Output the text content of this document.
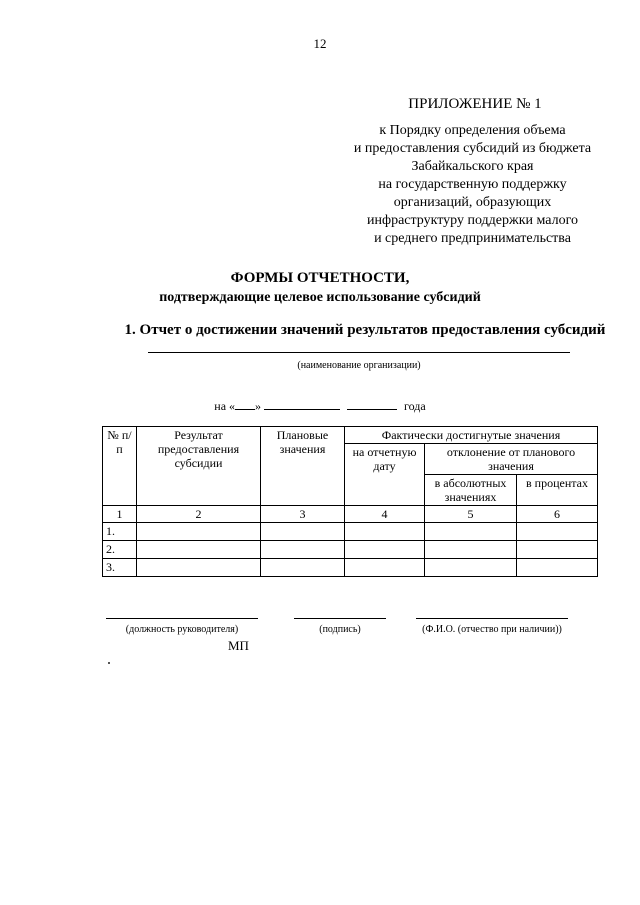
12
ПРИЛОЖЕНИЕ № 1
к Порядку определения объема
и предоставления субсидий из бюджета
Забайкальского края
на государственную поддержку
организаций, образующих
инфраструктуру поддержки малого
и среднего предпринимательства
ФОРМЫ ОТЧЕТНОСТИ,
подтверждающие целевое использование субсидий
1. Отчет о достижении значений результатов предоставления субсидий
(наименование организации)
на « »	года
№ п/п	Результат предоставления субсидии	Плановые значения	Фактически достигнутые значения		
			на отчетную дату	отклонение от планового значения	
				в абсолютных значениях	в процентах
1	2	3	4	5	6
1.					
2.					
3.					
(должность руководителя)	(подпись)	(Ф.И.О. (отчество при наличии))
МП
